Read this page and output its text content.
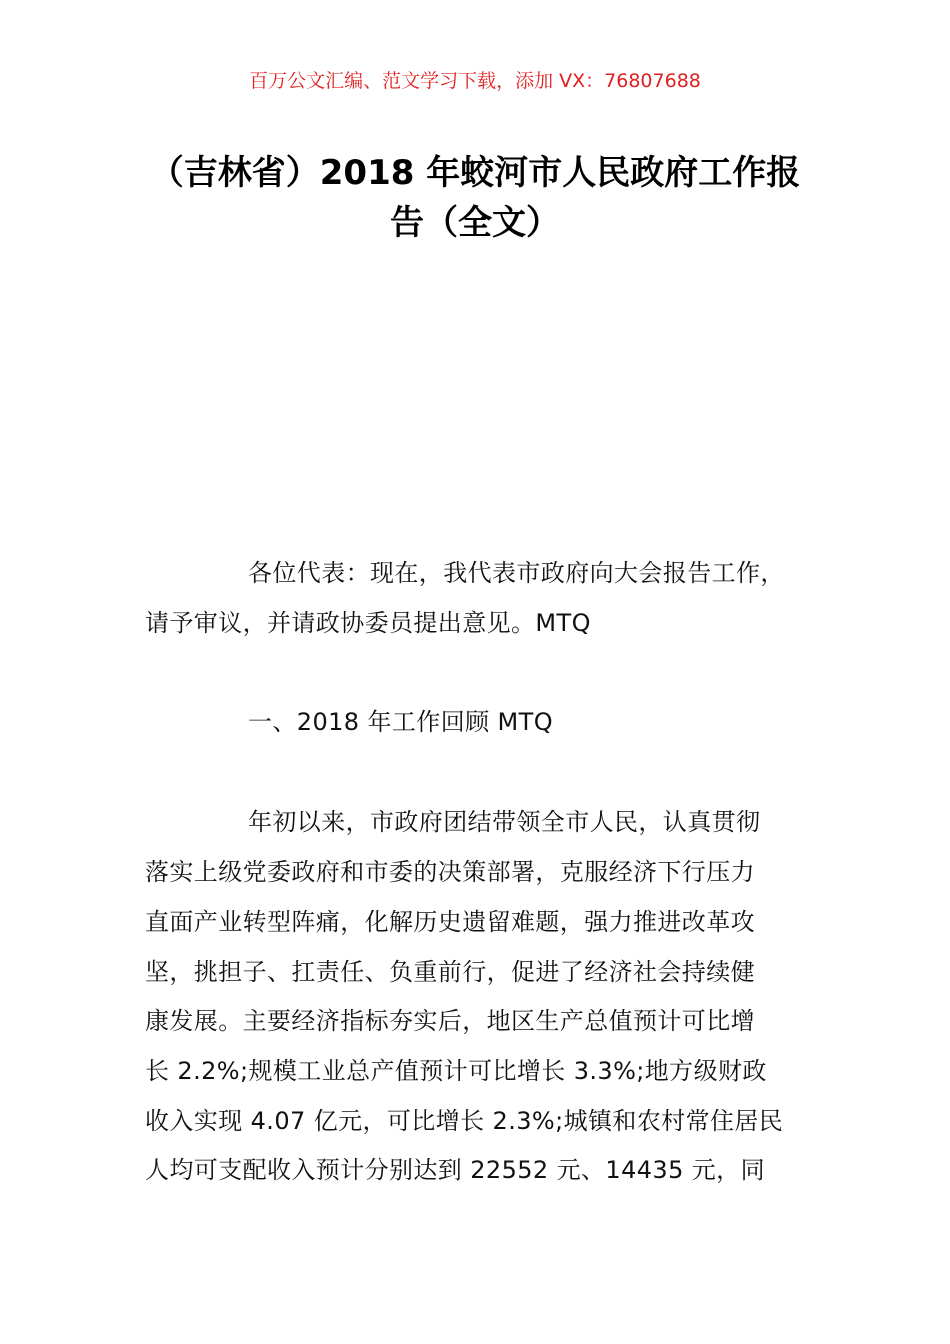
百万公文汇编、范文学习下载，添加 VX：76807688
（吉林省）2018 年蛟河市人民政府工作报
告（全文）
各位代表：现在，我代表市政府向大会报告工作，
请予审议，并请政协委员提出意见。MTQ
一、2018 年工作回顾 MTQ
年初以来，市政府团结带领全市人民，认真贯彻
落实上级党委政府和市委的决策部署，克服经济下行压力
直面产业转型阵痛，化解历史遗留难题，强力推进改革攻
坚，挑担子、扛责任、负重前行，促进了经济社会持续健
康发展。主要经济指标夯实后，地区生产总值预计可比增
长 2.2%;规模工业总产值预计可比增长 3.3%;地方级财政
收入实现 4.07 亿元，可比增长 2.3%;城镇和农村常住居民
人均可支配收入预计分别达到 22552 元、14435 元，同
